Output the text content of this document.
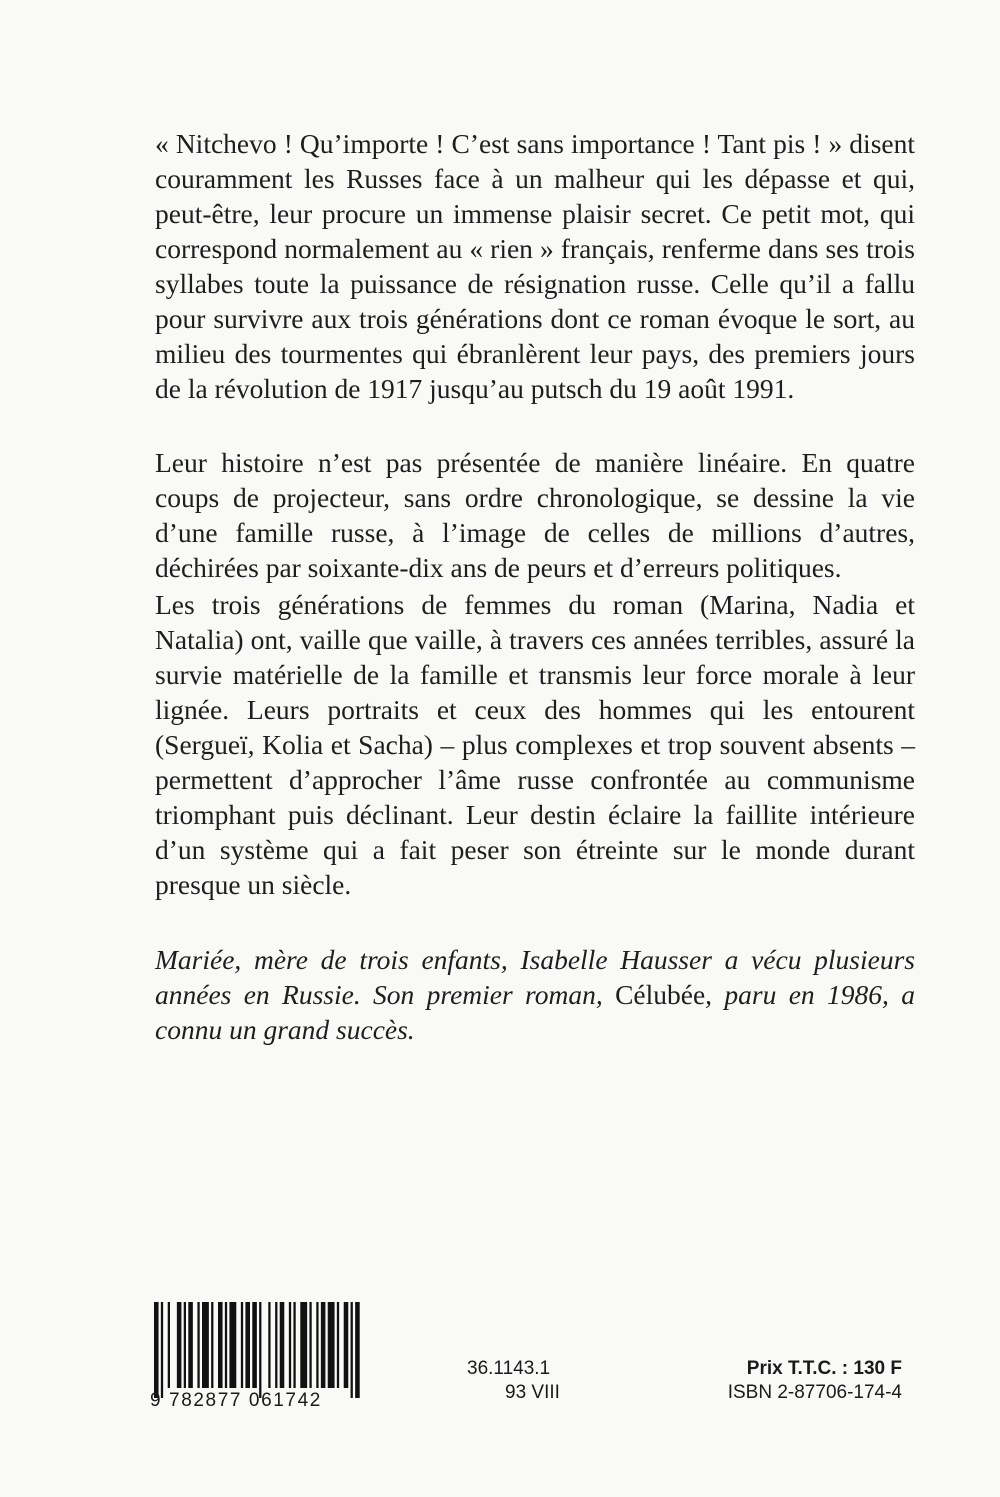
« Nitchevo ! Qu’importe ! C’est sans importance ! Tant pis ! » disent couramment les Russes face à un malheur qui les dépasse et qui, peut-être, leur procure un immense plaisir secret. Ce petit mot, qui correspond normalement au « rien » français, renferme dans ses trois syllabes toute la puissance de résignation russe. Celle qu’il a fallu pour survivre aux trois générations dont ce roman évoque le sort, au milieu des tourmentes qui ébranlèrent leur pays, des premiers jours de la révolution de 1917 jusqu’au putsch du 19 août 1991.

Leur histoire n’est pas présentée de manière linéaire. En quatre coups de projecteur, sans ordre chronologique, se dessine la vie d’une famille russe, à l’image de celles de millions d’autres, déchirées par soixante-dix ans de peurs et d’erreurs politiques.

Les trois générations de femmes du roman (Marina, Nadia et Natalia) ont, vaille que vaille, à travers ces années terribles, assuré la survie matérielle de la famille et transmis leur force morale à leur lignée. Leurs portraits et ceux des hommes qui les entourent (Sergueï, Kolia et Sacha) – plus complexes et trop souvent absents – permettent d’approcher l’âme russe confrontée au communisme triomphant puis déclinant. Leur destin éclaire la faillite intérieure d’un système qui a fait peser son étreinte sur le monde durant presque un siècle.

Mariée, mère de trois enfants, Isabelle Hausser a vécu plusieurs années en Russie. Son premier roman, Célubée, paru en 1986, a connu un grand succès.

9 782877 061742
36.1143.1
93 VIII
Prix T.T.C. : 130 F
ISBN 2-87706-174-4
